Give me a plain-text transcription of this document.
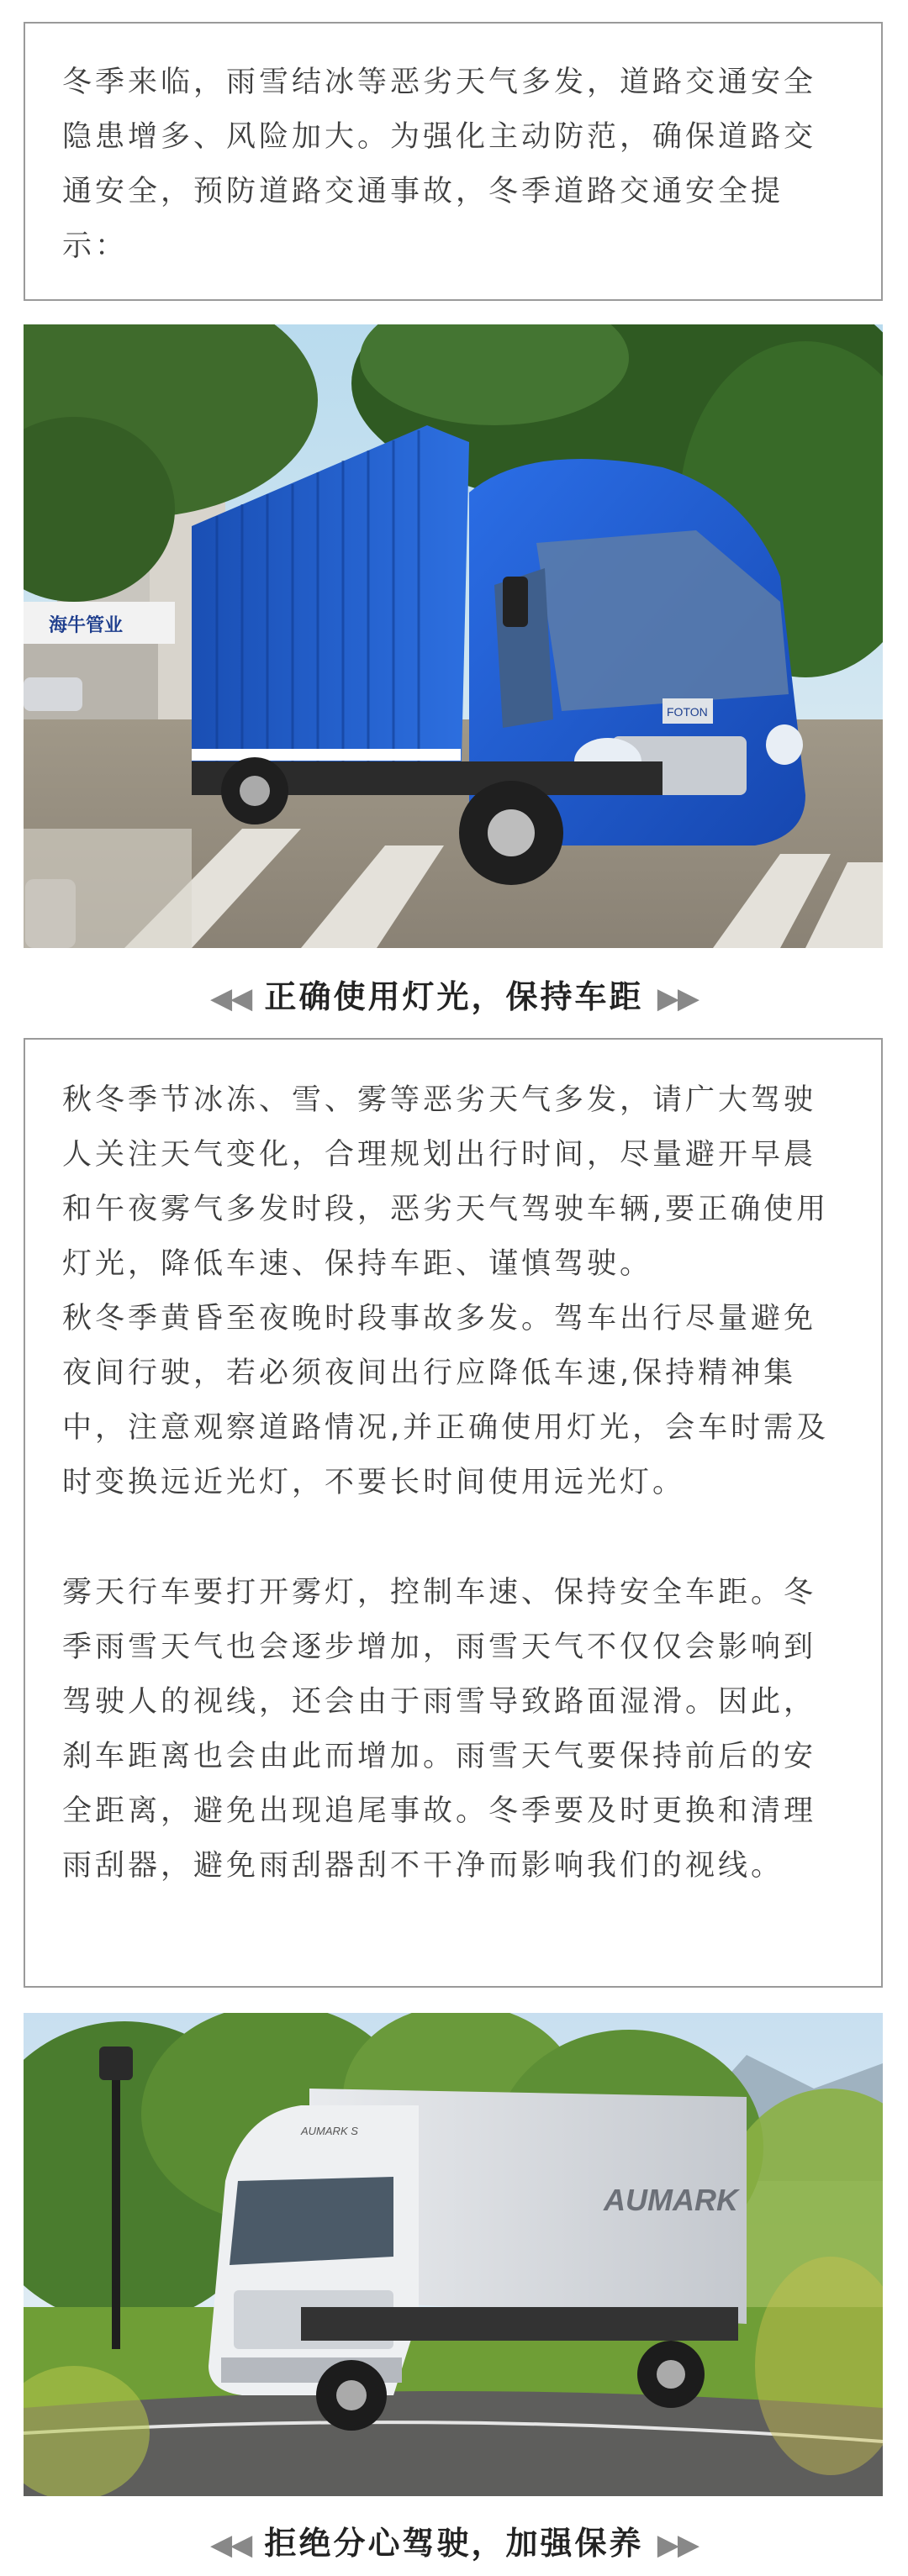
冬季来临，雨雪结冰等恶劣天气多发，道路交通安全隐患增多、风险加大。为强化主动防范，确保道路交通安全，预防道路交通事故，冬季道路交通安全提示：

海牛管业
FOTON
◀◀ 正确使用灯光，保持车距 ▶▶

秋冬季节冰冻、雪、雾等恶劣天气多发，请广大驾驶人关注天气变化，合理规划出行时间，尽量避开早晨和午夜雾气多发时段，恶劣天气驾驶车辆,要正确使用灯光，降低车速、保持车距、谨慎驾驶。

秋冬季黄昏至夜晚时段事故多发。驾车出行尽量避免夜间行驶，若必须夜间出行应降低车速,保持精神集中，注意观察道路情况,并正确使用灯光，会车时需及时变换远近光灯，不要长时间使用远光灯。

雾天行车要打开雾灯，控制车速、保持安全车距。冬季雨雪天气也会逐步增加，雨雪天气不仅仅会影响到驾驶人的视线，还会由于雨雪导致路面湿滑。因此，刹车距离也会由此而增加。雨雪天气要保持前后的安全距离，避免出现追尾事故。冬季要及时更换和清理雨刮器，避免雨刮器刮不干净而影响我们的视线。

AUMARK
AUMARK S
◀◀ 拒绝分心驾驶，加强保养 ▶▶
